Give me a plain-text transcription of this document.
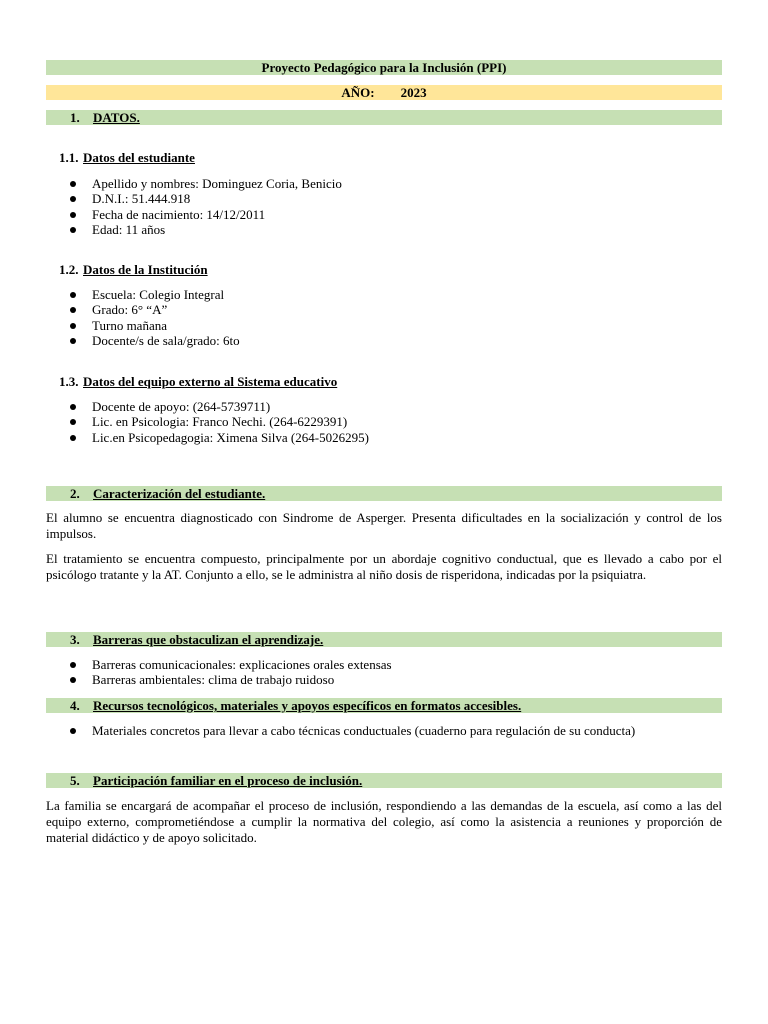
Proyecto Pedagógico para la Inclusión (PPI)
AÑO: 2023
1. DATOS.
1.1. Datos del estudiante
Apellido y nombres: Dominguez Coria, Benicio
D.N.I.: 51.444.918
Fecha de nacimiento: 14/12/2011
Edad: 11 años
1.2. Datos de la Institución
Escuela: Colegio Integral
Grado: 6° “A”
Turno mañana
Docente/s de sala/grado: 6to
1.3. Datos del equipo externo al Sistema educativo
Docente de apoyo: (264-5739711)
Lic. en Psicologia: Franco Nechi. (264-6229391)
Lic.en Psicopedagogia: Ximena Silva (264-5026295)
2. Caracterización del estudiante.

El alumno se encuentra diagnosticado con Sindrome de Asperger. Presenta dificultades en la socialización y control de los impulsos.

El tratamiento se encuentra compuesto, principalmente por un abordaje cognitivo conductual, que es llevado a cabo por el psicólogo tratante y la AT. Conjunto a ello, se le administra al niño dosis de risperidona, indicadas por la psiquiatra.

3. Barreras que obstaculizan el aprendizaje.
Barreras comunicacionales: explicaciones orales extensas
Barreras ambientales: clima de trabajo ruidoso
4. Recursos tecnológicos, materiales y apoyos específicos en formatos accesibles.
Materiales concretos para llevar a cabo técnicas conductuales (cuaderno para regulación de su conducta)
5. Participación familiar en el proceso de inclusión.

La familia se encargará de acompañar el proceso de inclusión, respondiendo a las demandas de la escuela, así como a las del equipo externo, comprometiéndose a cumplir la normativa del colegio, así como la asistencia a reuniones y proporción de material didáctico y de apoyo solicitado.
